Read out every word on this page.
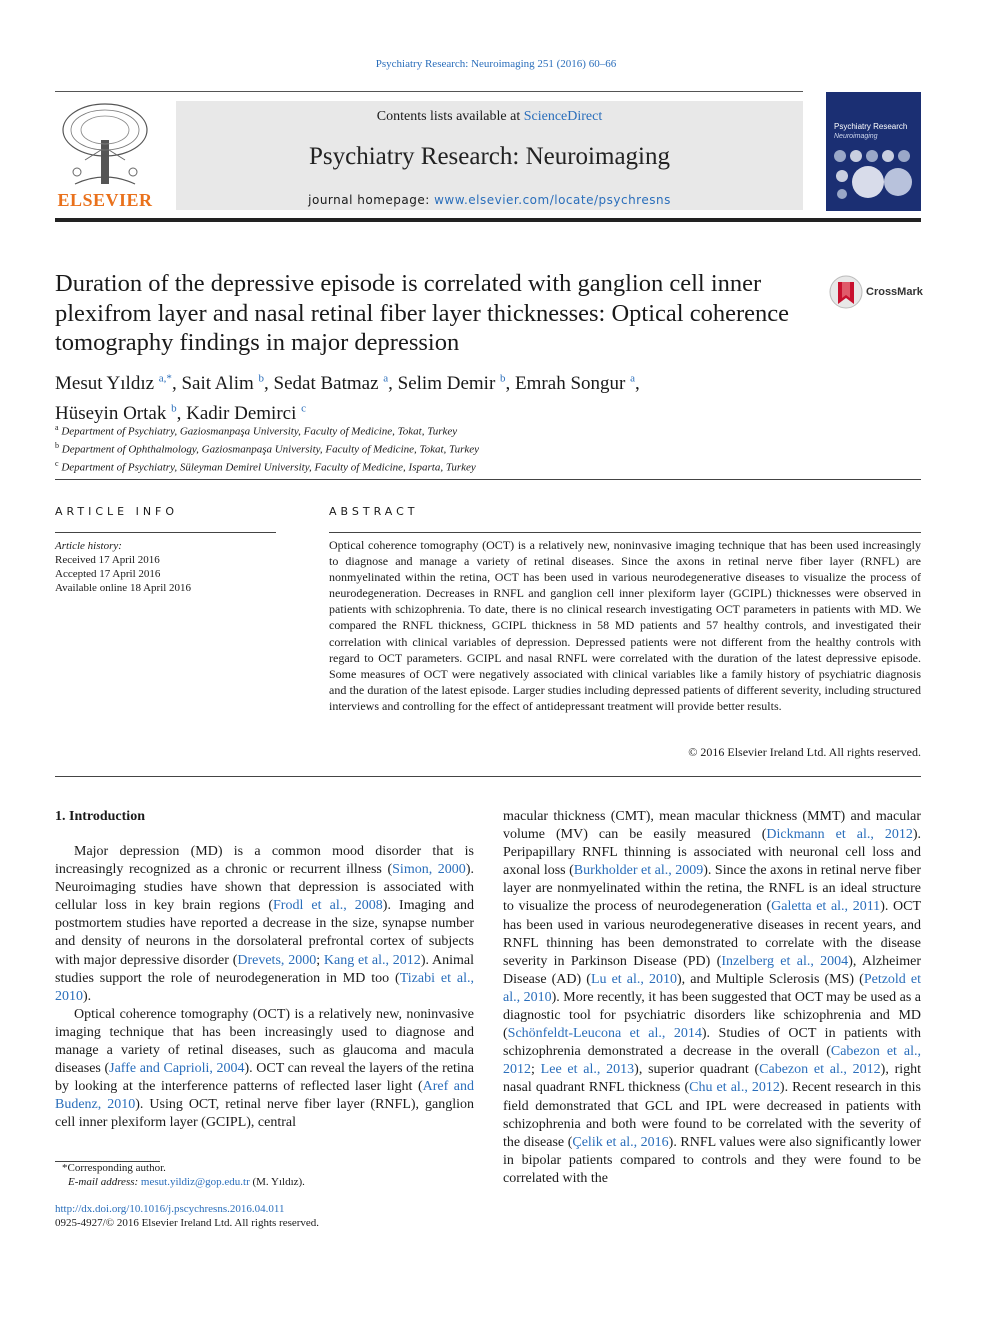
Psychiatry Research: Neuroimaging 251 (2016) 60–66
ELSEVIER
Contents lists available at ScienceDirect
Psychiatry Research: Neuroimaging
journal homepage: www.elsevier.com/locate/psychresns
Psychiatry Research
Neuroimaging
Duration of the depressive episode is correlated with ganglion cell inner plexifrom layer and nasal retinal fiber layer thicknesses: Optical coherence tomography findings in major depression
CrossMark
Mesut Yıldız $^{a,*}$, Sait Alim $^b$, Sedat Batmaz $^a$, Selim Demir $^b$, Emrah Songur $^a$,
Hüseyin Ortak $^b$, Kadir Demirci $^c$
$^a$ Department of Psychiatry, Gaziosmanpaşa University, Faculty of Medicine, Tokat, Turkey
$^b$ Department of Ophthalmology, Gaziosmanpaşa University, Faculty of Medicine, Tokat, Turkey
$^c$ Department of Psychiatry, Süleyman Demirel University, Faculty of Medicine, Isparta, Turkey
ARTICLE INFO
Article history:
Received 17 April 2016
Accepted 17 April 2016
Available online 18 April 2016
ABSTRACT
Optical coherence tomography (OCT) is a relatively new, noninvasive imaging technique that has been used increasingly to diagnose and manage a variety of retinal diseases. Since the axons in retinal nerve fiber layer (RNFL) are nonmyelinated within the retina, OCT has been used in various neurodegenerative diseases to visualize the process of neurodegeneration. Decreases in RNFL and ganglion cell inner plexiform layer (GCIPL) thicknesses were observed in patients with schizophrenia. To date, there is no clinical research investigating OCT parameters in patients with MD. We compared the RNFL thickness, GCIPL thickness in 58 MD patients and 57 healthy controls, and investigated their correlation with clinical variables of depression. Depressed patients were not different from the healthy controls with regard to OCT parameters. GCIPL and nasal RNFL were correlated with the duration of the latest depressive episode. Some measures of OCT were negatively associated with clinical variables like a family history of psychiatric diagnosis and the duration of the latest episode. Larger studies including depressed patients of different severity, including structured interviews and controlling for the effect of antidepressant treatment will provide better results.
© 2016 Elsevier Ireland Ltd. All rights reserved.
1. Introduction

Major depression (MD) is a common mood disorder that is increasingly recognized as a chronic or recurrent illness (Simon, 2000). Neuroimaging studies have shown that depression is associated with cellular loss in key brain regions (Frodl et al., 2008). Imaging and postmortem studies have reported a decrease in the size, synapse number and density of neurons in the dorsolateral prefrontal cortex of subjects with major depressive disorder (Drevets, 2000; Kang et al., 2012). Animal studies support the role of neurodegeneration in MD too (Tizabi et al., 2010).

Optical coherence tomography (OCT) is a relatively new, noninvasive imaging technique that has been increasingly used to diagnose and manage a variety of retinal diseases, such as glaucoma and macula diseases (Jaffe and Caprioli, 2004). OCT can reveal the layers of the retina by looking at the interference patterns of reflected laser light (Aref and Budenz, 2010). Using OCT, retinal nerve fiber layer (RNFL), ganglion cell inner plexiform layer (GCIPL), central

macular thickness (CMT), mean macular thickness (MMT) and macular volume (MV) can be easily measured (Dickmann et al., 2012). Peripapillary RNFL thinning is associated with neuronal cell loss and axonal loss (Burkholder et al., 2009). Since the axons in retinal nerve fiber layer are nonmyelinated within the retina, the RNFL is an ideal structure to visualize the process of neurodegeneration (Galetta et al., 2011). OCT has been used in various neurodegenerative diseases in recent years, and RNFL thinning has been demonstrated to correlate with the disease severity in Parkinson Disease (PD) (Inzelberg et al., 2004), Alzheimer Disease (AD) (Lu et al., 2010), and Multiple Sclerosis (MS) (Petzold et al., 2010). More recently, it has been suggested that OCT may be used as a diagnostic tool for psychiatric disorders like schizophrenia and MD (Schönfeldt-Leucona et al., 2014). Studies of OCT in patients with schizophrenia demonstrated a decrease in the overall (Cabezon et al., 2012; Lee et al., 2013), superior quadrant (Cabezon et al., 2012), right nasal quadrant RNFL thickness (Chu et al., 2012). Recent research in this field demonstrated that GCL and IPL were decreased in patients with schizophrenia and both were found to be correlated with the severity of the disease (Çelik et al., 2016). RNFL values were also significantly lower in bipolar patients compared to controls and they were found to be correlated with the

*Corresponding author.
E-mail address: mesut.yildiz@gop.edu.tr (M. Yıldız).
http://dx.doi.org/10.1016/j.pscychresns.2016.04.011
0925-4927/© 2016 Elsevier Ireland Ltd. All rights reserved.
